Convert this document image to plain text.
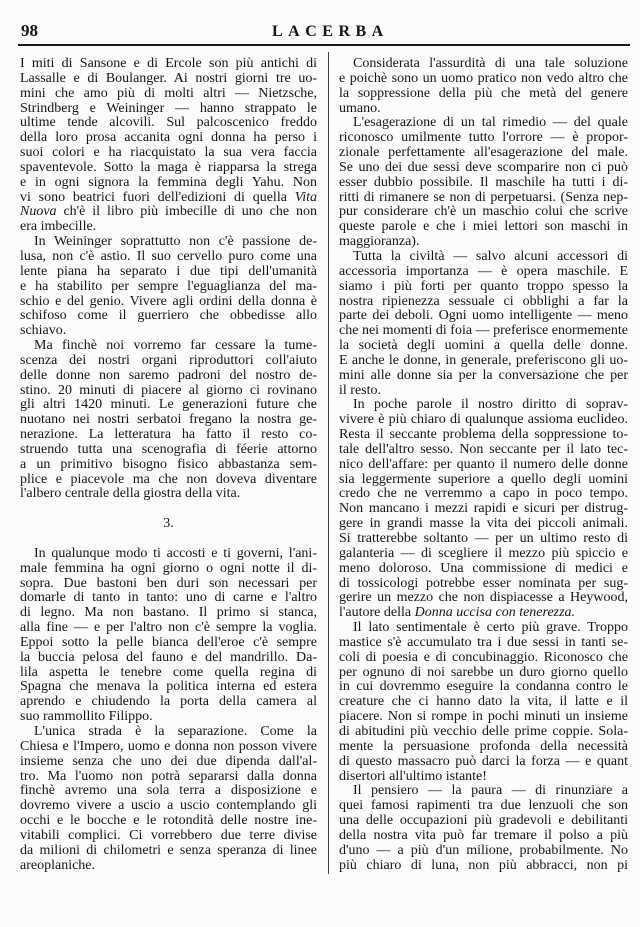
98	LACERBA
I miti di Sansone e di Ercole son più antichi di
Lassalle e di Boulanger. Ai nostri giorni tre uo-
mini che amo più di molti altri — Nietzsche,
Strindberg e Weininger — hanno strappato le
ultime tende alcovili. Sul palcoscenico freddo
della loro prosa accanita ogni donna ha perso i
suoi colori e ha riacquistato la sua vera faccia
spaventevole. Sotto la maga è riapparsa la strega
e in ogni signora la femmina degli Yahu. Non
vi sono beatrici fuori dell'edizioni di quella Vita
Nuova ch'è il libro più imbecille di uno che non
era imbecille.
In Weininger soprattutto non c'è passione de-
lusa, non c'è astio. Il suo cervello puro come una
lente piana ha separato i due tipi dell'umanità
e ha stabilito per sempre l'eguaglianza del ma-
schio e del genio. Vivere agli ordini della donna è
schifoso come il guerriero che obbedisse allo
schiavo.
Ma finchè noi vorremo far cessare la tume-
scenza dei nostri organi riproduttori coll'aiuto
delle donne non saremo padroni del nostro de-
stino. 20 minuti di piacere al giorno ci rovinano
gli altri 1420 minuti. Le generazioni future che
nuotano nei nostri serbatoi fregano la nostra ge-
nerazione. La letteratura ha fatto il resto co-
struendo tutta una scenografia di féerie attorno
a un primitivo bisogno fisico abbastanza sem-
plice e piacevole ma che non doveva diventare
l'albero centrale della giostra della vita.
3.
In qualunque modo ti accosti e ti governi, l'ani-
male femmina ha ogni giorno o ogni notte il di-
sopra. Due bastoni ben duri son necessari per
domarle di tanto in tanto: uno di carne e l'altro
di legno. Ma non bastano. Il primo si stanca,
alla fine — e per l'altro non c'è sempre la voglia.
Eppoi sotto la pelle bianca dell'eroe c'è sempre
la buccia pelosa del fauno e del mandrillo. Da-
lila aspetta le tenebre come quella regina di
Spagna che menava la politica interna ed estera
aprendo e chiudendo la porta della camera al
suo rammollito Filippo.
L'unica strada è la separazione. Come la
Chiesa e l'Impero, uomo e donna non posson vivere
insieme senza che uno dei due dipenda dall'al-
tro. Ma l'uomo non potrà separarsi dalla donna
finchè avremo una sola terra a disposizione e
dovremo vivere a uscio a uscio contemplando gli
occhi e le bocche e le rotondità delle nostre ine-
vitabili complici. Ci vorrebbero due terre divise
da milioni di chilometri e senza speranza di linee
areoplaniche.
Considerata l'assurdità di una tale soluzione
e poichè sono un uomo pratico non vedo altro che
la soppressione della più che metà del genere
umano.
L'esagerazione di un tal rimedio — del quale
riconosco umilmente tutto l'orrore — è propor-
zionale perfettamente all'esagerazione del male.
Se uno dei due sessi deve scomparire non ci può
esser dubbio possibile. Il maschile ha tutti i di-
ritti di rimanere se non di perpetuarsi. (Senza nep-
pur considerare ch'è un maschio colui che scrive
queste parole e che i miei lettori son maschi in
maggioranza).
Tutta la civiltà — salvo alcuni accessori di
accessoria importanza — è opera maschile. E
siamo i più forti per quanto troppo spesso la
nostra ripienezza sessuale ci obblighi a far la
parte dei deboli. Ogni uomo intelligente — meno
che nei momenti di foia — preferisce enormemente
la società degli uomini a quella delle donne.
E anche le donne, in generale, preferiscono gli uo-
mini alle donne sia per la conversazione che per
il resto.
In poche parole il nostro diritto di soprav-
vivere è più chiaro di qualunque assioma euclideo.
Resta il seccante problema della soppressione to-
tale dell'altro sesso. Non seccante per il lato tec-
nico dell'affare: per quanto il numero delle donne
sia leggermente superiore a quello degli uomini
credo che ne verremmo a capo in poco tempo.
Non mancano i mezzi rapidi e sicuri per distrug-
gere in grandi masse la vita dei piccoli animali.
Si tratterebbe soltanto — per un ultimo resto di
galanteria — di scegliere il mezzo più spiccio e
meno doloroso. Una commissione di medici e
di tossicologi potrebbe esser nominata per sug-
gerire un mezzo che non dispiacesse a Heywood,
l'autore della Donna uccisa con tenerezza.
Il lato sentimentale è certo più grave. Troppo
mastice s'è accumulato tra i due sessi in tanti se-
coli di poesia e di concubinaggio. Riconosco che
per ognuno di noi sarebbe un duro giorno quello
in cui dovremmo eseguire la condanna contro le
creature che ci hanno dato la vita, il latte e il
piacere. Non si rompe in pochi minuti un insieme
di abitudini più vecchio delle prime coppie. Sola-
mente la persuasione profonda della necessità
di questo massacro può darci la forza — e quant
disertori all'ultimo istante!
Il pensiero — la paura — di rinunziare a
quei famosi rapimenti tra due lenzuoli che son
una delle occupazioni più gradevoli e debilitanti
della nostra vita può far tremare il polso a più
d'uno — a più d'un milione, probabilmente. No
più chiaro di luna, non più abbracci, non pi
